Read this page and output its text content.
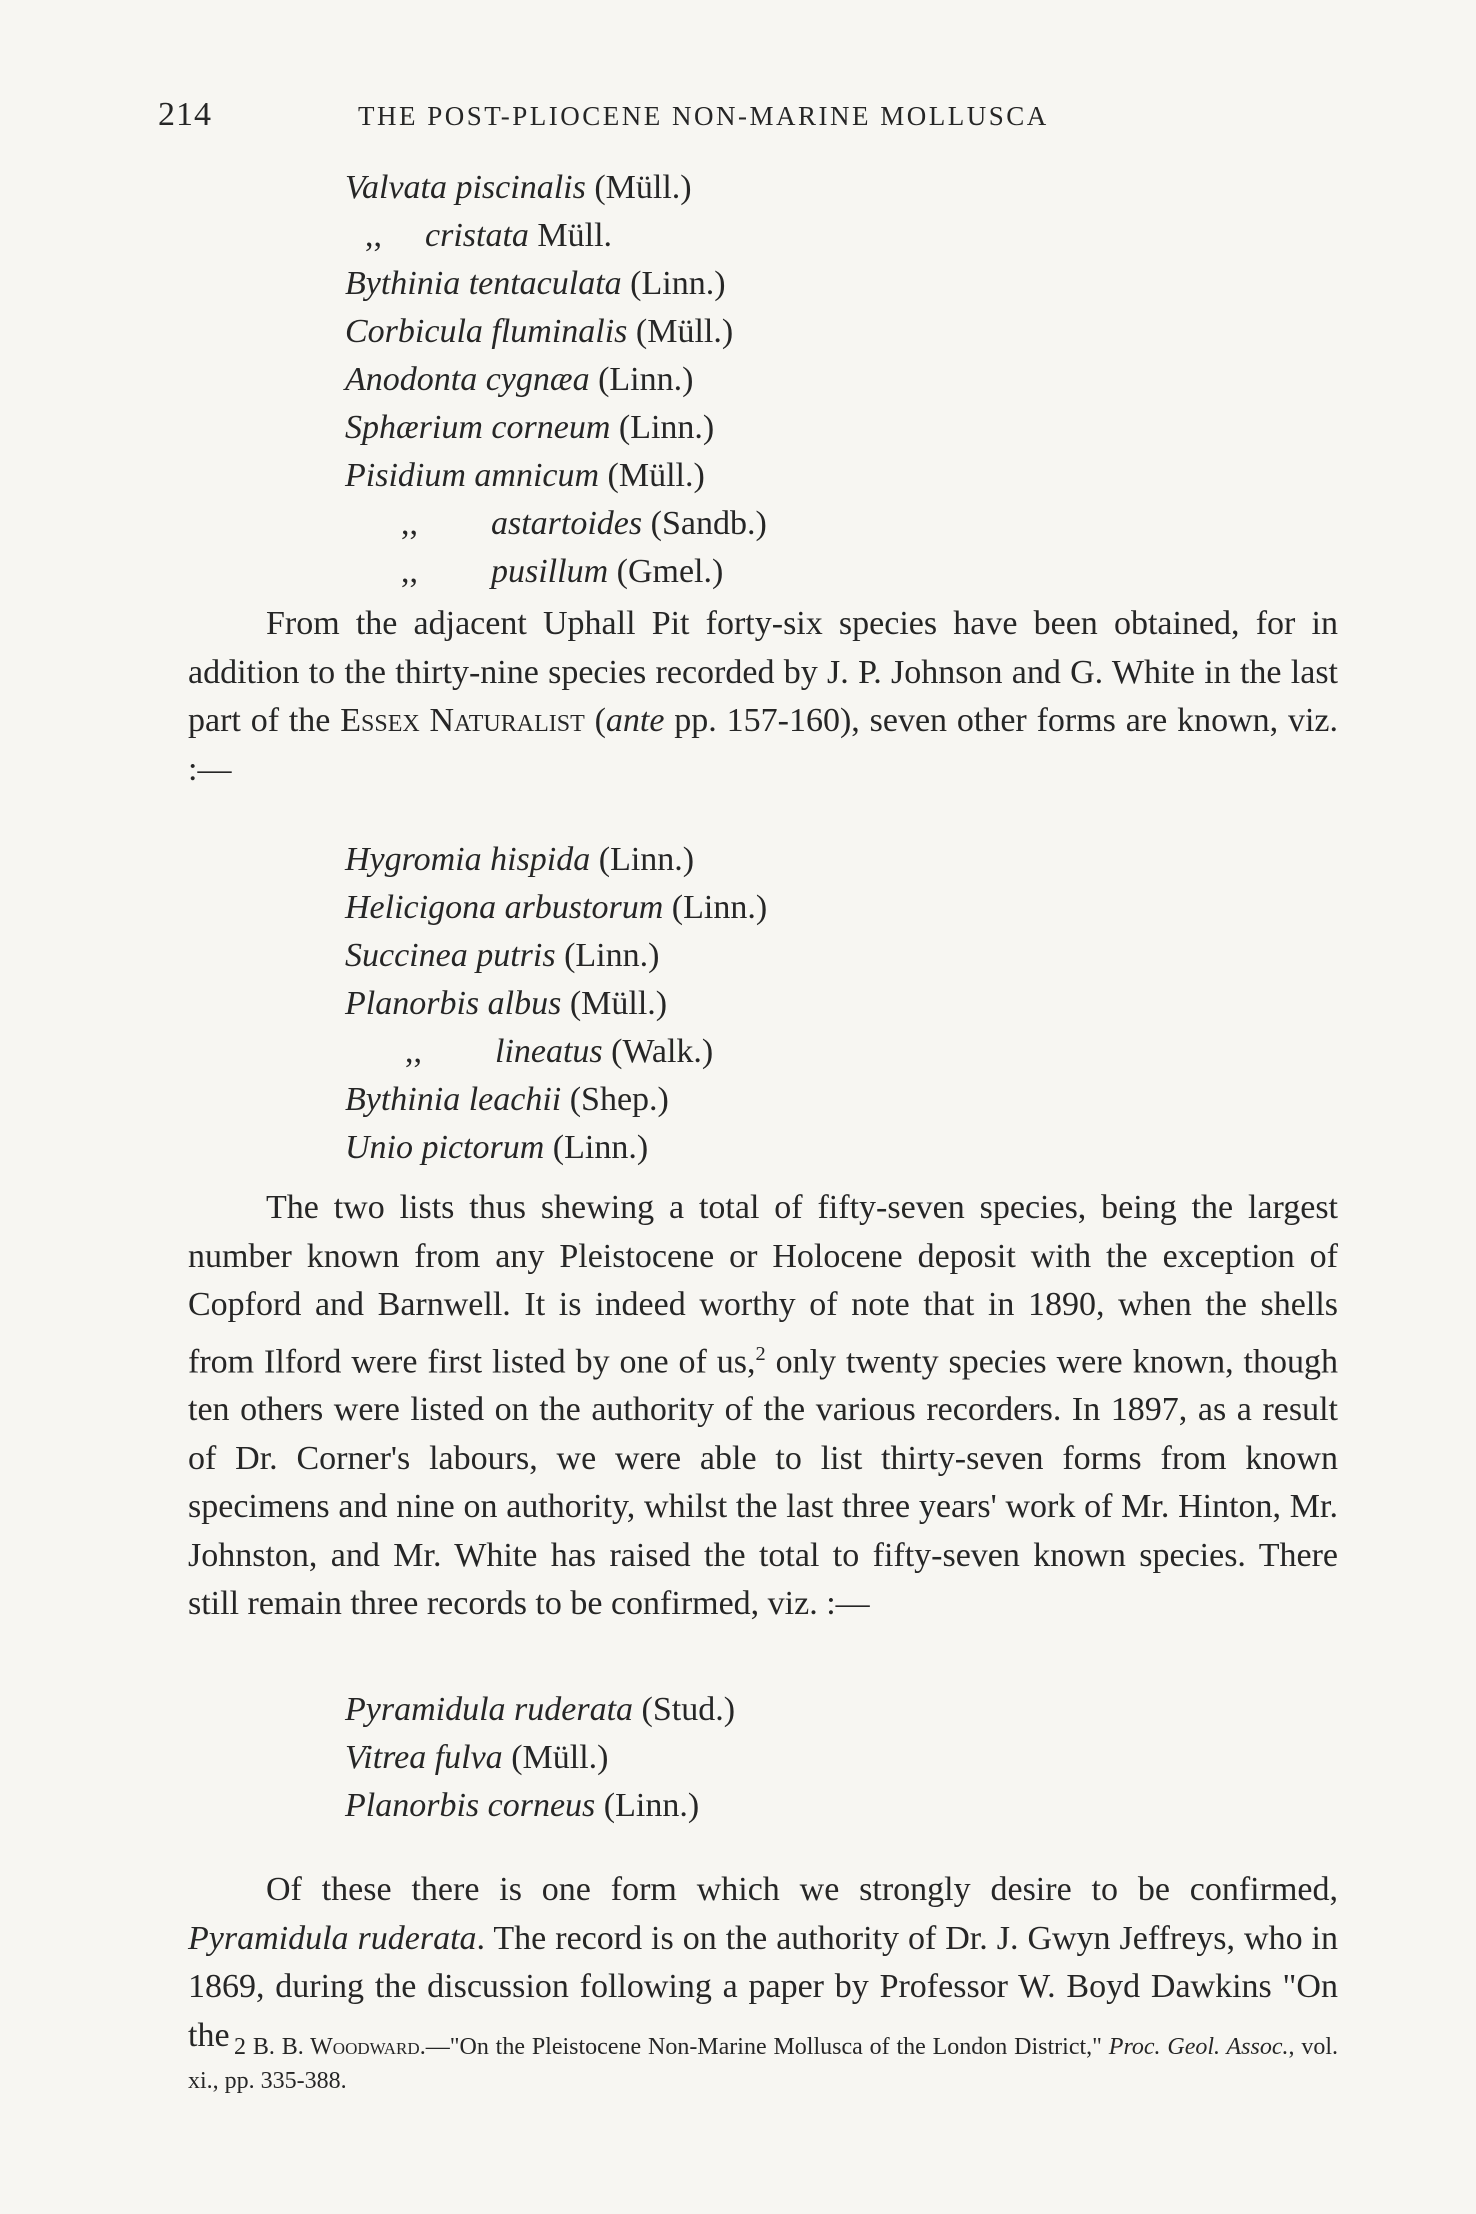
214	THE POST-PLIOCENE NON-MARINE MOLLUSCA
Valvata piscinalis (Müll.)
,, cristata Müll.
Bythinia tentaculata (Linn.)
Corbicula fluminalis (Müll.)
Anodonta cygnæa (Linn.)
Sphærium corneum (Linn.)
Pisidium amnicum (Müll.)
,, astartoides (Sandb.)
,, pusillum (Gmel.)

From the adjacent Uphall Pit forty-six species have been obtained, for in addition to the thirty-nine species recorded by J. P. Johnson and G. White in the last part of the Essex Naturalist (ante pp. 157-160), seven other forms are known, viz. :—

Hygromia hispida (Linn.)
Helicigona arbustorum (Linn.)
Succinea putris (Linn.)
Planorbis albus (Müll.)
,, lineatus (Walk.)
Bythinia leachii (Shep.)
Unio pictorum (Linn.)

The two lists thus shewing a total of fifty-seven species, being the largest number known from any Pleistocene or Holocene deposit with the exception of Copford and Barnwell. It is indeed worthy of note that in 1890, when the shells from Ilford were first listed by one of us,$^2$ only twenty species were known, though ten others were listed on the authority of the various recorders. In 1897, as a result of Dr. Corner's labours, we were able to list thirty-seven forms from known specimens and nine on authority, whilst the last three years' work of Mr. Hinton, Mr. Johnston, and Mr. White has raised the total to fifty-seven known species. There still remain three records to be confirmed, viz. :—

Pyramidula ruderata (Stud.)
Vitrea fulva (Müll.)
Planorbis corneus (Linn.)

Of these there is one form which we strongly desire to be confirmed, Pyramidula ruderata. The record is on the authority of Dr. J. Gwyn Jeffreys, who in 1869, during the discussion following a paper by Professor W. Boyd Dawkins "On the 2 B. B. Woodward.—"On the Pleistocene Non-Marine Mollusca of the London District," Proc. Geol. Assoc., vol. xi., pp. 335-388.
